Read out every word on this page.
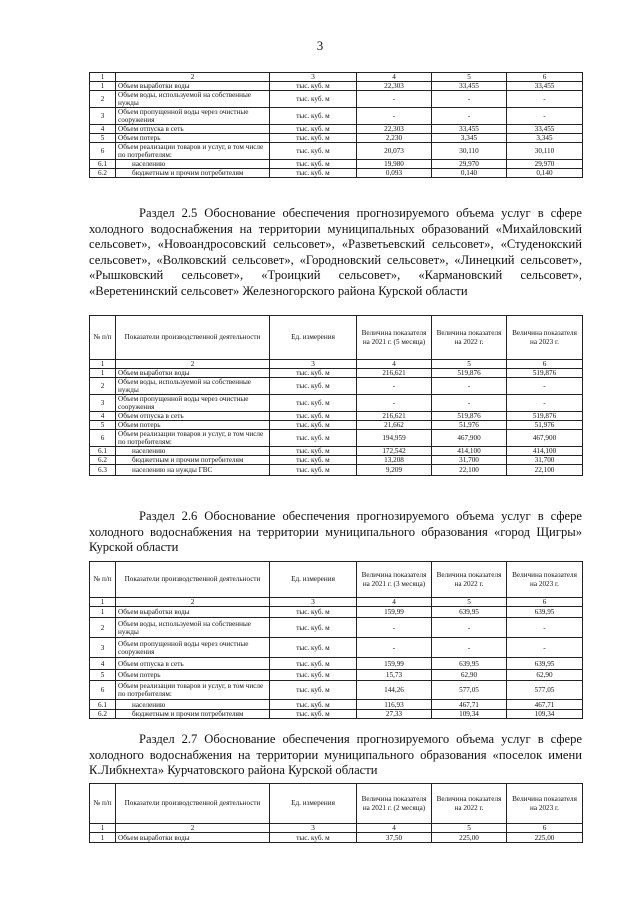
3
1	2	3	4	5	6
1	Объем выработки воды	тыс. куб. м	22,303	33,455	33,455
2	Объем воды, используемой на собственные нужды	тыс. куб. м	-	-	-
3	Объем пропущенной воды через очистные сооружения	тыс. куб. м	-	-	-
4	Объем отпуска в сеть	тыс. куб. м	22,303	33,455	33,455
5	Объем потерь	тыс. куб. м	2,230	3,345	3,345
6	Объем реализации товаров и услуг, в том числе по потребителям:	тыс. куб. м	20,073	30,110	30,110
6.1	населению	тыс. куб. м	19,980	29,970	29,970
6.2	бюджетным и прочим потребителям	тыс. куб. м	0,093	0,140	0,140

Раздел 2.5 Обоснование обеспечения прогнозируемого объема услуг в сфере холодного водоснабжения на территории муниципальных образований «Михайловский сельсовет», «Новоандросовский сельсовет», «Разветьевский сельсовет», «Студенокский сельсовет», «Волковский сельсовет», «Городновский сельсовет», «Линецкий сельсовет», «Рышковский сельсовет», «Троицкий сельсовет», «Кармановский сельсовет», «Веретенинский сельсовет» Железногорского района Курской области

№ п/п	Показатели производственной деятельности	Ед. измерения	Величина показателя на 2021 г. (5 месяца)	Величина показателя на 2022 г.	Величина показателя на 2023 г.
1	2	3	4	5	6
1	Объем выработки воды	тыс. куб. м	216,621	519,876	519,876
2	Объем воды, используемой на собственные нужды	тыс. куб. м	-	-	-
3	Объем пропущенной воды через очистные сооружения	тыс. куб. м	-	-	-
4	Объем отпуска в сеть	тыс. куб. м	216,621	519,876	519,876
5	Объем потерь	тыс. куб. м	21,662	51,976	51,976
6	Объем реализации товаров и услуг, в том числе по потребителям:	тыс. куб. м	194,959	467,900	467,900
6.1	населению	тыс. куб. м	172,542	414,100	414,100
6.2	бюджетным и прочим потребителям	тыс. куб. м	13,208	31,700	31,700
6.3	населению на нужды ГВС	тыс. куб. м	9,209	22,100	22,100

Раздел 2.6 Обоснование обеспечения прогнозируемого объема услуг в сфере холодного водоснабжения на территории муниципального образования «город Щигры» Курской области

№ п/п	Показатели производственной деятельности	Ед. измерения	Величина показателя на 2021 г. (3 месяца)	Величина показателя на 2022 г.	Величина показателя на 2023 г.
1	2	3	4	5	6
1	Объем выработки воды	тыс. куб. м	159,99	639,95	639,95
2	Объем воды, используемой на собственные нужды	тыс. куб. м	-	-	-
3	Объем пропущенной воды через очистные сооружения	тыс. куб. м	-	-	-
4	Объем отпуска в сеть	тыс. куб. м	159,99	639,95	639,95
5	Объем потерь	тыс. куб. м	15,73	62,90	62,90
6	Объем реализации товаров и услуг, в том числе по потребителям:	тыс. куб. м	144,26	577,05	577,05
6.1	населению	тыс. куб. м	116,93	467,71	467,71
6.2	бюджетным и прочим потребителям	тыс. куб. м	27,33	109,34	109,34

Раздел 2.7 Обоснование обеспечения прогнозируемого объема услуг в сфере холодного водоснабжения на территории муниципального образования «поселок имени К.Либкнехта» Курчатовского района Курской области

№ п/п	Показатели производственной деятельности	Ед. измерения	Величина показателя на 2021 г. (2 месяца)	Величина показателя на 2022 г.	Величина показателя на 2023 г.
1	2	3	4	5	6
1	Объем выработки воды	тыс. куб. м	37,50	225,00	225,00
